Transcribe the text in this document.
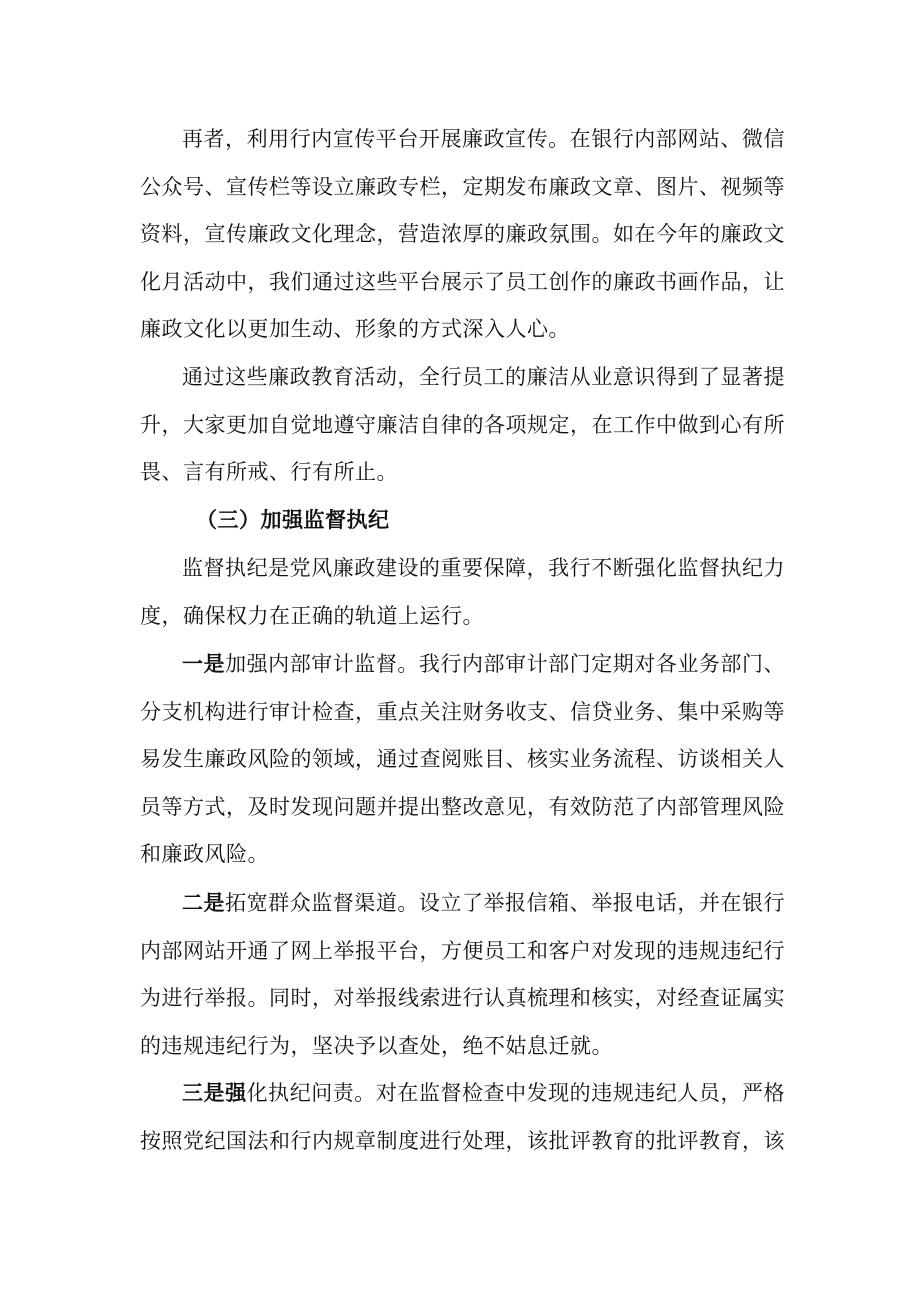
再者，利用行内宣传平台开展廉政宣传。在银行内部网站、微信公众号、宣传栏等设立廉政专栏，定期发布廉政文章、图片、视频等资料，宣传廉政文化理念，营造浓厚的廉政氛围。如在今年的廉政文化月活动中，我们通过这些平台展示了员工创作的廉政书画作品，让廉政文化以更加生动、形象的方式深入人心。

通过这些廉政教育活动，全行员工的廉洁从业意识得到了显著提升，大家更加自觉地遵守廉洁自律的各项规定，在工作中做到心有所畏、言有所戒、行有所止。

（三）加强监督执纪

监督执纪是党风廉政建设的重要保障，我行不断强化监督执纪力度，确保权力在正确的轨道上运行。

一是加强内部审计监督。我行内部审计部门定期对各业务部门、分支机构进行审计检查，重点关注财务收支、信贷业务、集中采购等易发生廉政风险的领域，通过查阅账目、核实业务流程、访谈相关人员等方式，及时发现问题并提出整改意见，有效防范了内部管理风险和廉政风险。

二是拓宽群众监督渠道。设立了举报信箱、举报电话，并在银行内部网站开通了网上举报平台，方便员工和客户对发现的违规违纪行为进行举报。同时，对举报线索进行认真梳理和核实，对经查证属实的违规违纪行为，坚决予以查处，绝不姑息迁就。

三是强化执纪问责。对在监督检查中发现的违规违纪人员，严格按照党纪国法和行内规章制度进行处理，该批评教育的批评教育，该
